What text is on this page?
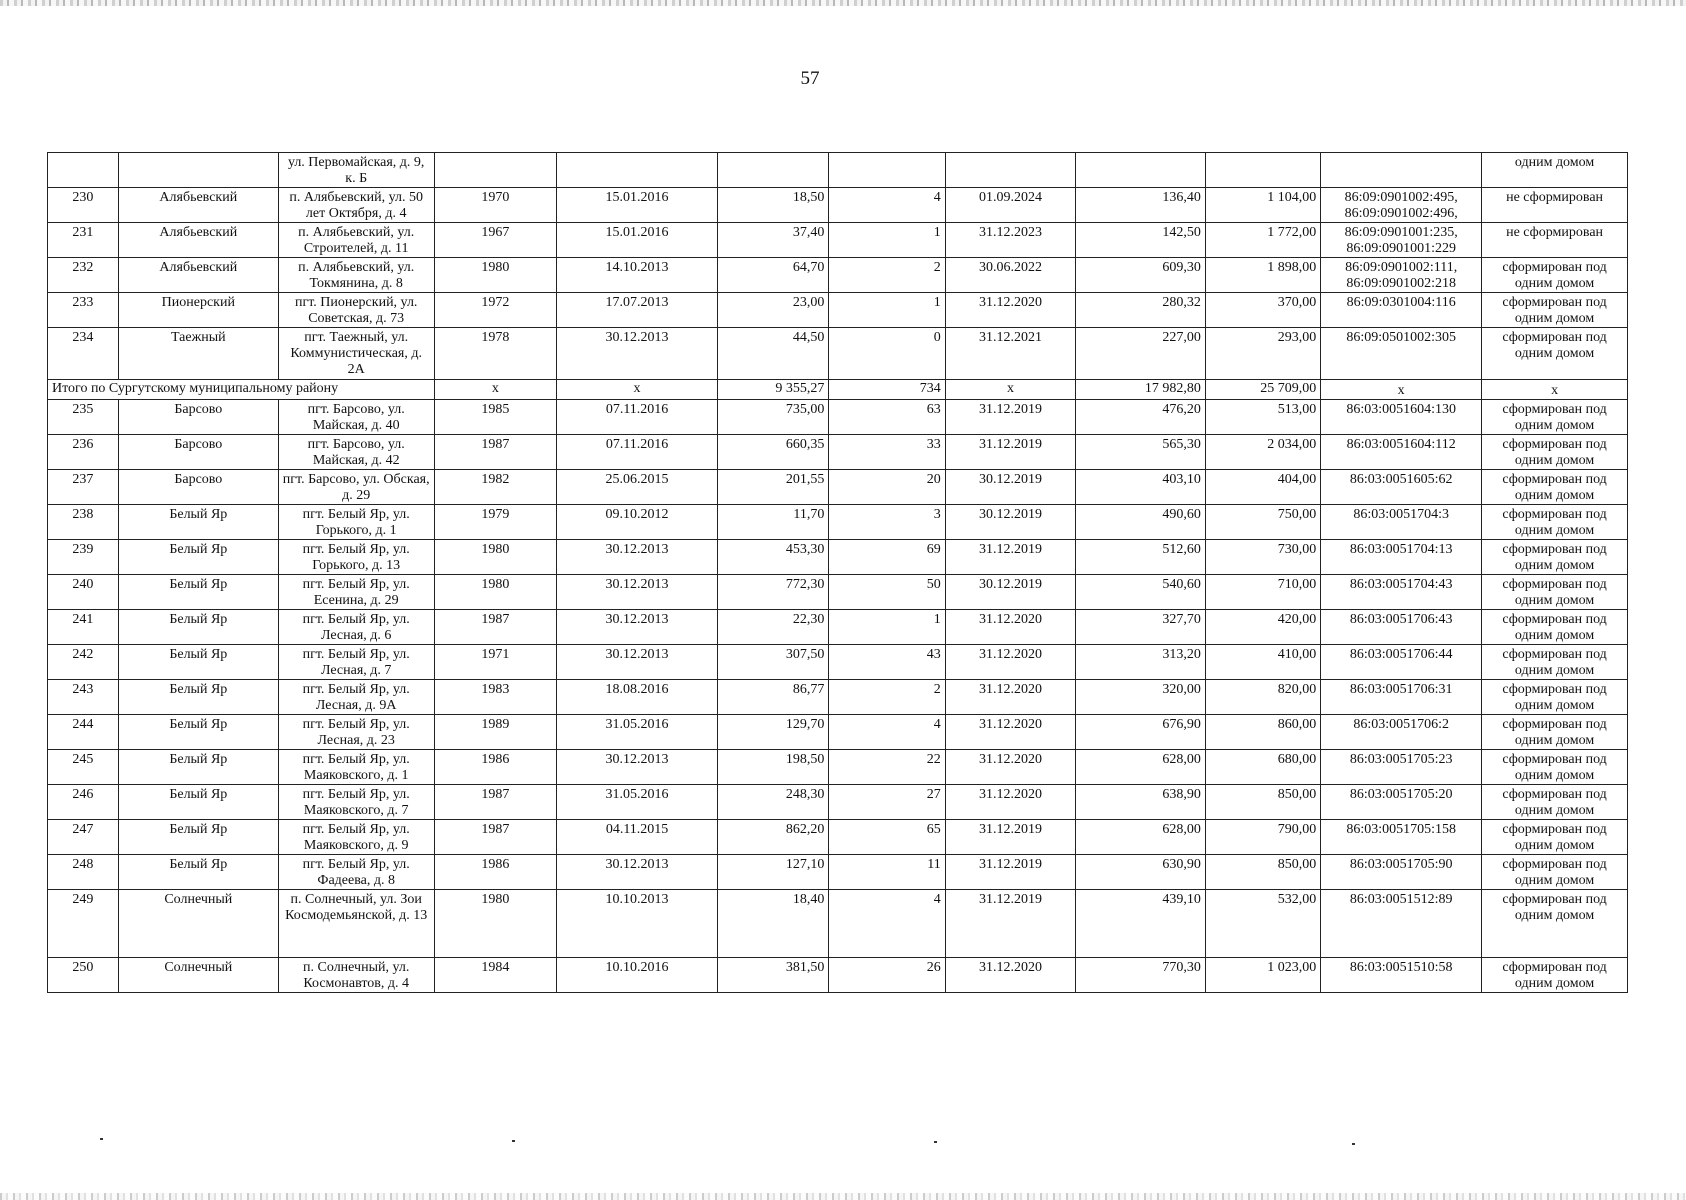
57
		ул. Первомайская, д. 9, к. Б									одним домом
230	Алябьевский	п. Алябьевский, ул. 50 лет Октября, д. 4	1970	15.01.2016	18,50	4	01.09.2024	136,40	1 104,00	86:09:0901002:495, 86:09:0901002:496,	не сформирован
231	Алябьевский	п. Алябьевский, ул. Строителей, д. 11	1967	15.01.2016	37,40	1	31.12.2023	142,50	1 772,00	86:09:0901001:235, 86:09:0901001:229	не сформирован
232	Алябьевский	п. Алябьевский, ул. Токмянина, д. 8	1980	14.10.2013	64,70	2	30.06.2022	609,30	1 898,00	86:09:0901002:111, 86:09:0901002:218	сформирован под одним домом
233	Пионерский	пгт. Пионерский, ул. Советская, д. 73	1972	17.07.2013	23,00	1	31.12.2020	280,32	370,00	86:09:0301004:116	сформирован под одним домом
234	Таежный	пгт. Таежный, ул. Коммунистическая, д. 2А	1978	30.12.2013	44,50	0	31.12.2021	227,00	293,00	86:09:0501002:305	сформирован под одним домом
Итого по Сургутскому муниципальному району			x	x	9 355,27	734	x	17 982,80	25 709,00	x	x
235	Барсово	пгт. Барсово, ул. Майская, д. 40	1985	07.11.2016	735,00	63	31.12.2019	476,20	513,00	86:03:0051604:130	сформирован под одним домом
236	Барсово	пгт. Барсово, ул. Майская, д. 42	1987	07.11.2016	660,35	33	31.12.2019	565,30	2 034,00	86:03:0051604:112	сформирован под одним домом
237	Барсово	пгт. Барсово, ул. Обская, д. 29	1982	25.06.2015	201,55	20	30.12.2019	403,10	404,00	86:03:0051605:62	сформирован под одним домом
238	Белый Яр	пгт. Белый Яр, ул. Горького, д. 1	1979	09.10.2012	11,70	3	30.12.2019	490,60	750,00	86:03:0051704:3	сформирован под одним домом
239	Белый Яр	пгт. Белый Яр, ул. Горького, д. 13	1980	30.12.2013	453,30	69	31.12.2019	512,60	730,00	86:03:0051704:13	сформирован под одним домом
240	Белый Яр	пгт. Белый Яр, ул. Есенина, д. 29	1980	30.12.2013	772,30	50	30.12.2019	540,60	710,00	86:03:0051704:43	сформирован под одним домом
241	Белый Яр	пгт. Белый Яр, ул. Лесная, д. 6	1987	30.12.2013	22,30	1	31.12.2020	327,70	420,00	86:03:0051706:43	сформирован под одним домом
242	Белый Яр	пгт. Белый Яр, ул. Лесная, д. 7	1971	30.12.2013	307,50	43	31.12.2020	313,20	410,00	86:03:0051706:44	сформирован под одним домом
243	Белый Яр	пгт. Белый Яр, ул. Лесная, д. 9А	1983	18.08.2016	86,77	2	31.12.2020	320,00	820,00	86:03:0051706:31	сформирован под одним домом
244	Белый Яр	пгт. Белый Яр, ул. Лесная, д. 23	1989	31.05.2016	129,70	4	31.12.2020	676,90	860,00	86:03:0051706:2	сформирован под одним домом
245	Белый Яр	пгт. Белый Яр, ул. Маяковского, д. 1	1986	30.12.2013	198,50	22	31.12.2020	628,00	680,00	86:03:0051705:23	сформирован под одним домом
246	Белый Яр	пгт. Белый Яр, ул. Маяковского, д. 7	1987	31.05.2016	248,30	27	31.12.2020	638,90	850,00	86:03:0051705:20	сформирован под одним домом
247	Белый Яр	пгт. Белый Яр, ул. Маяковского, д. 9	1987	04.11.2015	862,20	65	31.12.2019	628,00	790,00	86:03:0051705:158	сформирован под одним домом
248	Белый Яр	пгт. Белый Яр, ул. Фадеева, д. 8	1986	30.12.2013	127,10	11	31.12.2019	630,90	850,00	86:03:0051705:90	сформирован под одним домом
249	Солнечный	п. Солнечный, ул. Зои Космодемьянской, д. 13	1980	10.10.2013	18,40	4	31.12.2019	439,10	532,00	86:03:0051512:89	сформирован под одним домом
250	Солнечный	п. Солнечный, ул. Космонавтов, д. 4	1984	10.10.2016	381,50	26	31.12.2020	770,30	1 023,00	86:03:0051510:58	сформирован под одним домом
